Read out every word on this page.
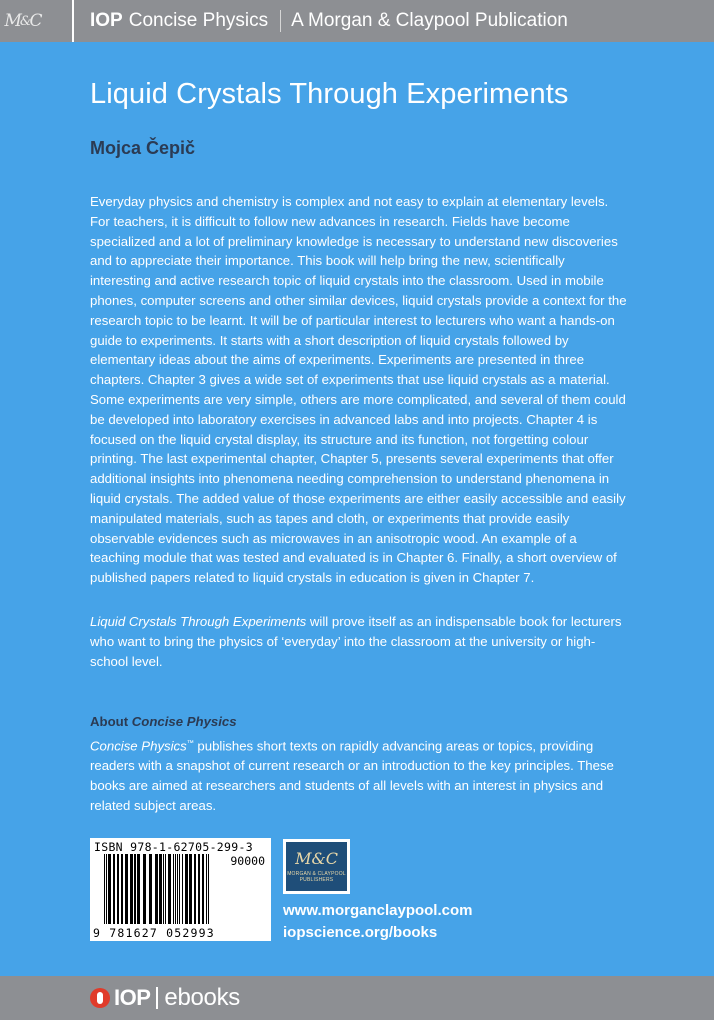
M & C	IOP Concise Physics A Morgan & Claypool Publication
Liquid Crystals Through Experiments

Mojca Čepič

Everyday physics and chemistry is complex and not easy to explain at elementary levels. For teachers, it is difficult to follow new advances in research. Fields have become specialized and a lot of preliminary knowledge is necessary to understand new discoveries and to appreciate their importance. This book will help bring the new, scientifically interesting and active research topic of liquid crystals into the classroom. Used in mobile phones, computer screens and other similar devices, liquid crystals provide a context for the research topic to be learnt. It will be of particular interest to lecturers who want a hands-on guide to experiments. It starts with a short description of liquid crystals followed by elementary ideas about the aims of experiments. Experiments are presented in three chapters. Chapter 3 gives a wide set of experiments that use liquid crystals as a material. Some experiments are very simple, others are more complicated, and several of them could be developed into laboratory exercises in advanced labs and into projects. Chapter 4 is focused on the liquid crystal display, its structure and its function, not forgetting colour printing. The last experimental chapter, Chapter 5, presents several experiments that offer additional insights into phenomena needing comprehension to understand phenomena in liquid crystals. The added value of those experiments are either easily accessible and easily manipulated materials, such as tapes and cloth, or experiments that provide easily observable evidences such as microwaves in an anisotropic wood. An example of a teaching module that was tested and evaluated is in Chapter 6. Finally, a short overview of published papers related to liquid crystals in education is given in Chapter 7.

Liquid Crystals Through Experiments will prove itself as an indispensable book for lecturers who want to bring the physics of ‘everyday’ into the classroom at the university or high-school level.

About Concise Physics

Concise Physics™ publishes short texts on rapidly advancing areas or topics, providing readers with a snapshot of current research or an introduction to the key principles. These books are aimed at researchers and students of all levels with an interest in physics and related subject areas.

ISBN 978-1-62705-299-3
90000
9 781627 052993
M&C
MORGAN & CLAYPOOL
PUBLISHERS

www.morganclaypool.com

iopscience.org/books

IOP ebooks
